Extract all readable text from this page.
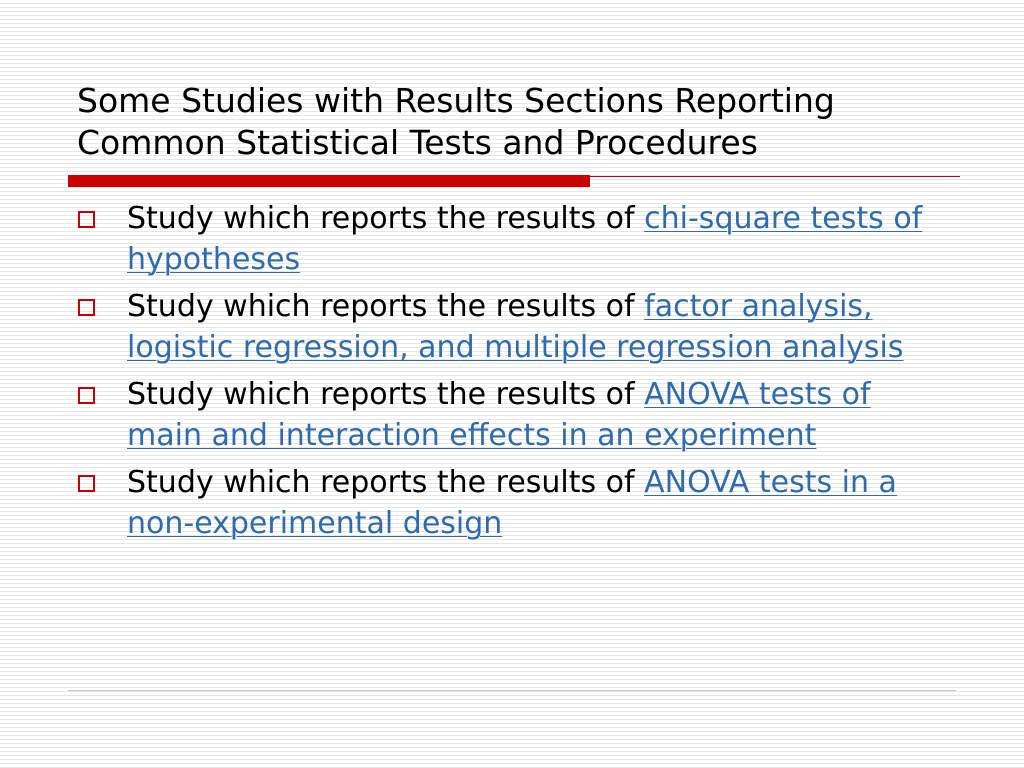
Some Studies with Results Sections Reporting
Common Statistical Tests and Procedures
Study which reports the results of chi-square tests of hypotheses
Study which reports the results of factor analysis, logistic regression, and multiple regression analysis
Study which reports the results of ANOVA tests of main and interaction effects in an experiment
Study which reports the results of ANOVA tests in a non-experimental design
